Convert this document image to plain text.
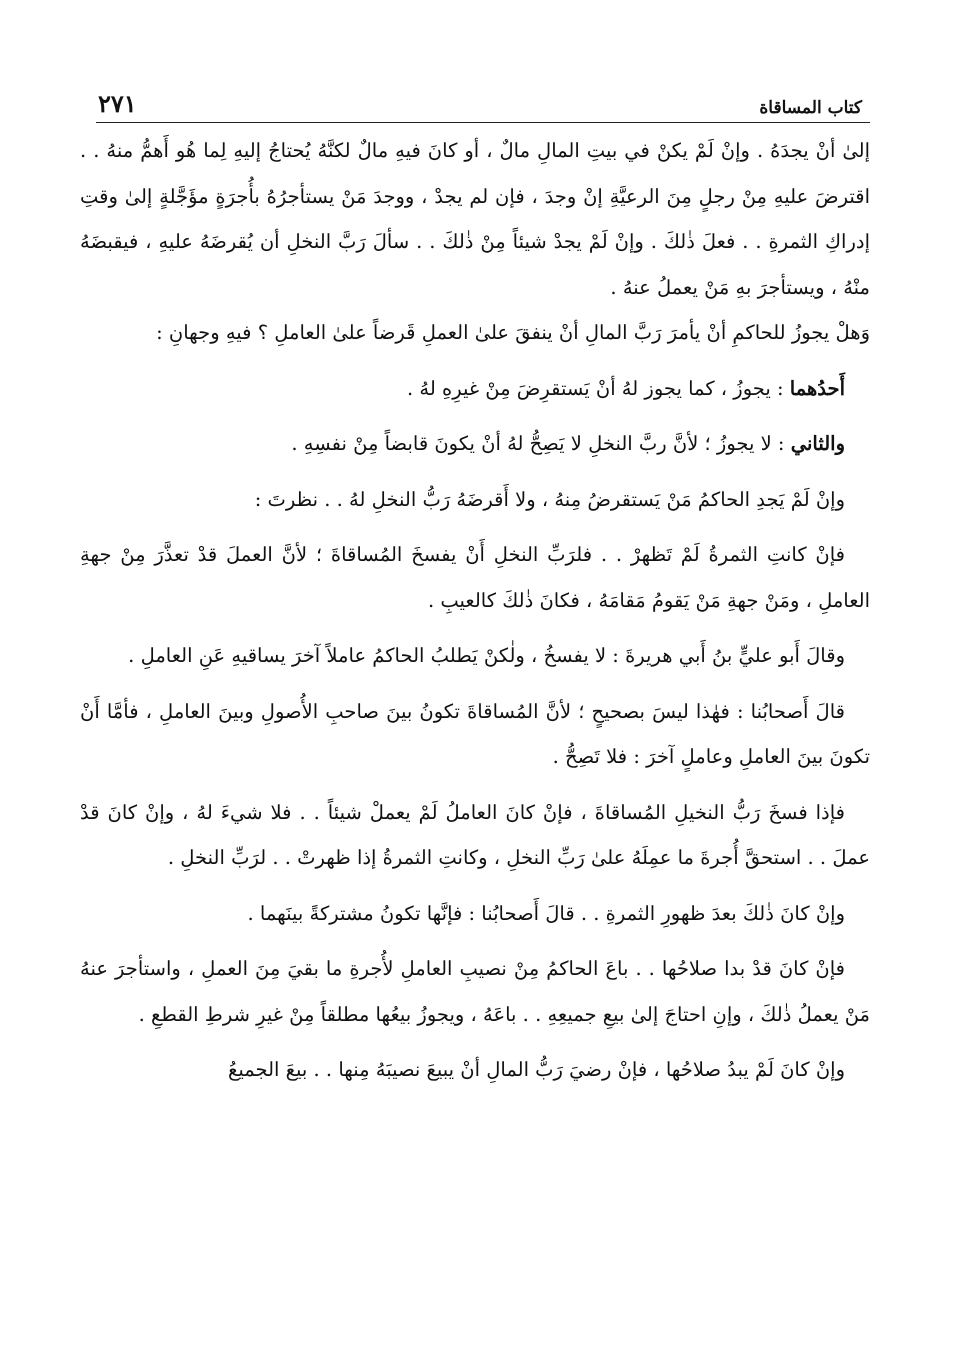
كتاب المساقاة
٢٧١

إلىٰ أنْ يجدَهُ . وإنْ لَمْ يكنْ في بيتِ المالِ مالٌ ، أو كانَ فيهِ مالٌ لكنَّهُ يُحتاجُ إليهِ لِما هُو أَهمُّ منهُ . . اقترضَ عليهِ مِنْ رجلٍ مِنَ الرعيَّةِ إنْ وجدَ ، فإن لم يجدْ ، ووجدَ مَنْ يستأجرُهُ بأُجرَةٍ مؤَجَّلةٍ إلىٰ وقتِ إدراكِ الثمرةِ . . فعلَ ذٰلكَ . وإنْ لَمْ يجدْ شيئاً مِنْ ذٰلكَ . . سألَ رَبَّ النخلِ أن يُقرضَهُ عليهِ ، فيقبضَهُ منْهُ ، ويستأجرَ بهِ مَنْ يعملُ عنهُ .

وَهلْ يجوزُ للحاكمِ أنْ يأمرَ رَبَّ المالِ أنْ ينفقَ علىٰ العملِ قَرضاً علىٰ العاملِ ؟ فيهِ وجهانِ :

أَحدُهما : يجوزُ ، كما يجوز لهُ أنْ يَستقرِضَ مِنْ غيرِهِ لهُ .

والثاني : لا يجوزُ ؛ لأنَّ ربَّ النخلِ لا يَصِحُّ لهُ أنْ يكونَ قابضاً مِنْ نفسِهِ .

وإنْ لَمْ يَجدِ الحاكمُ مَنْ يَستقرضُ مِنهُ ، ولا أَقرضَهُ رَبُّ النخلِ لهُ . . نظرتَ :

فإنْ كانتِ الثمرةُ لَمْ تَظهرْ . . فلرَبِّ النخلِ أَنْ يفسخَ المُساقاةَ ؛ لأنَّ العملَ قدْ تعذَّرَ مِنْ جهةِ العاملِ ، ومَنْ جهةِ مَنْ يَقومُ مَقامَهُ ، فكانَ ذٰلكَ كالعيبِ .

وقالَ أَبو عليٍّ بنُ أَبي هريرةَ : لا يفسخُ ، ولٰكنْ يَطلبُ الحاكمُ عاملاً آخرَ يساقيهِ عَنِ العاملِ .

قالَ أَصحابُنا : فهٰذا ليسَ بصحيحٍ ؛ لأنَّ المُساقاةَ تكونُ بينَ صاحبِ الأُصولِ وبينَ العاملِ ، فأمَّا أَنْ تكونَ بينَ العاملِ وعاملٍ آخرَ : فلا تَصِحُّ .

فإذا فسخَ رَبُّ النخيلِ المُساقاةَ ، فإنْ كانَ العاملُ لَمْ يعملْ شيئاً . . فلا شيءَ لهُ ، وإنْ كانَ قدْ عملَ . . استحقَّ أُجرةَ ما عمِلَهُ علىٰ رَبِّ النخلِ ، وكانتِ الثمرةُ إذا ظهرتْ . . لرَبِّ النخلِ .

وإنْ كانَ ذٰلكَ بعدَ ظهورِ الثمرةِ . . قالَ أَصحابُنا : فإنَّها تكونُ مشتركةً بينَهما .

فإنْ كانَ قدْ بدا صلاحُها . . باعَ الحاكمُ مِنْ نصيبِ العاملِ لأُجرةِ ما بقيَ مِنَ العملِ ، واستأجرَ عنهُ مَنْ يعملُ ذٰلكَ ، وإنِ احتاجَ إلىٰ بيعِ جميعِهِ . . باعَهُ ، ويجوزُ بيعُها مطلقاً مِنْ غيرِ شرطِ القطعِ .

وإنْ كانَ لَمْ يبدُ صلاحُها ، فإنْ رضيَ رَبُّ المالِ أنْ يبيعَ نصيبَهُ مِنها . . بيعَ الجميعُ
